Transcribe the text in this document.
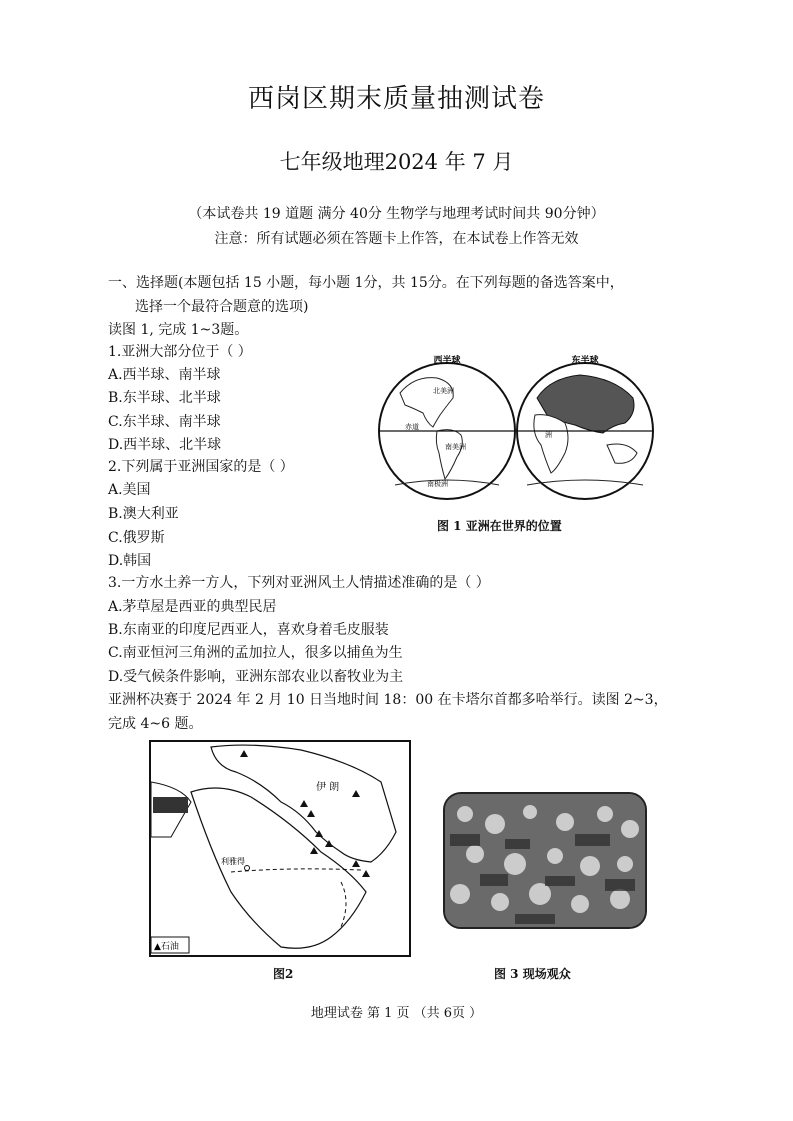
西岗区期末质量抽测试卷
七年级地理2024 年 7 月
（本试卷共 19 道题 满分 40分 生物学与地理考试时间共 90分钟）
注意：所有试题必须在答题卡上作答，在本试卷上作答无效
一、选择题(本题包括 15 小题，每小题 1分，共 15分。在下列每题的备选答案中，
选择一个最符合题意的选项)
读图 1, 完成 1~3题。
1.亚洲大部分位于（ ）
A.西半球、南半球
B.东半球、北半球
C.东半球、南半球
D.西半球、北半球
2.下列属于亚洲国家的是（ ）
A.美国
B.澳大利亚
C.俄罗斯
D.韩国
3.一方水土养一方人，下列对亚洲风土人情描述准确的是（ ）
A.茅草屋是西亚的典型民居
B.东南亚的印度尼西亚人，喜欢身着毛皮服装
C.南亚恒河三角洲的孟加拉人，很多以捕鱼为生
D.受气候条件影响，亚洲东部农业以畜牧业为主
亚洲杯决赛于 2024 年 2 月 10 日当地时间 18：00 在卡塔尔首都多哈举行。读图 2~3，
完成 4~6 题。
西半球
北美洲
赤道
南美洲
南极洲
东半球
洲
图 1 亚洲在世界的位置
伊 朗
利雅得
▲石油
图2	图 3 现场观众
地理试卷 第 1 页 （共 6页 ）
